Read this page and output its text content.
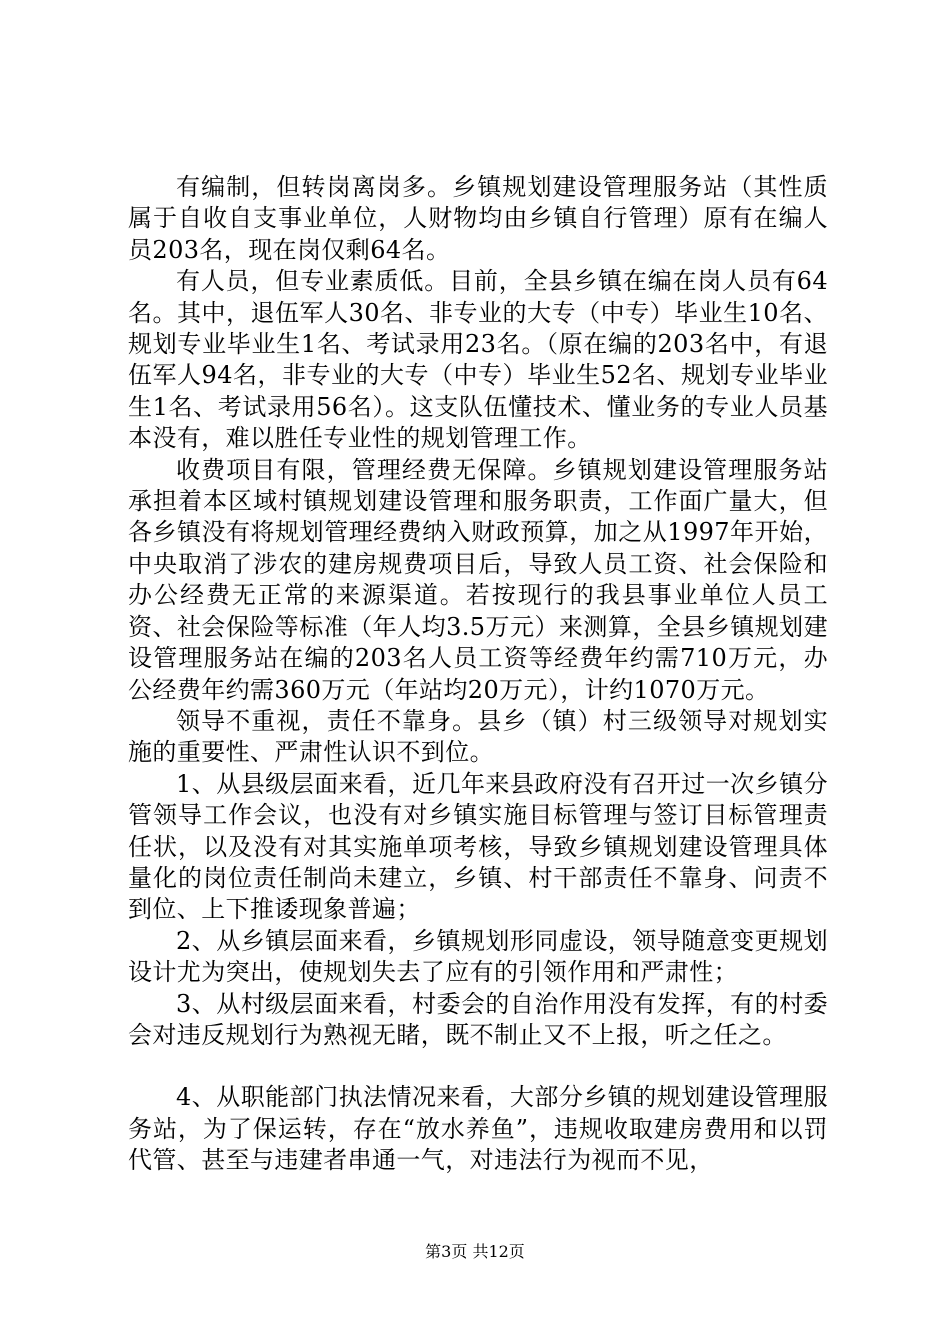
有编制，但转岗离岗多。乡镇规划建设管理服务站（其性质属于自收自支事业单位，人财物均由乡镇自行管理）原有在编人员203名，现在岗仅剩64名。

有人员，但专业素质低。目前，全县乡镇在编在岗人员有64名。其中，退伍军人30名、非专业的大专（中专）毕业生10名、规划专业毕业生1名、考试录用23名。（原在编的203名中，有退伍军人94名，非专业的大专（中专）毕业生52名、规划专业毕业生1名、考试录用56名）。这支队伍懂技术、懂业务的专业人员基本没有，难以胜任专业性的规划管理工作。

收费项目有限，管理经费无保障。乡镇规划建设管理服务站承担着本区域村镇规划建设管理和服务职责，工作面广量大，但各乡镇没有将规划管理经费纳入财政预算，加之从1997年开始，中央取消了涉农的建房规费项目后，导致人员工资、社会保险和办公经费无正常的来源渠道。若按现行的我县事业单位人员工资、社会保险等标准（年人均3.5万元）来测算，全县乡镇规划建设管理服务站在编的203名人员工资等经费年约需710万元，办公经费年约需360万元（年站均20万元），计约1070万元。

领导不重视，责任不靠身。县乡（镇）村三级领导对规划实施的重要性、严肃性认识不到位。

1、从县级层面来看，近几年来县政府没有召开过一次乡镇分管领导工作会议，也没有对乡镇实施目标管理与签订目标管理责任状，以及没有对其实施单项考核，导致乡镇规划建设管理具体量化的岗位责任制尚未建立，乡镇、村干部责任不靠身、问责不到位、上下推诿现象普遍；

2、从乡镇层面来看，乡镇规划形同虚设，领导随意变更规划设计尤为突出，使规划失去了应有的引领作用和严肃性；

3、从村级层面来看，村委会的自治作用没有发挥，有的村委会对违反规划行为熟视无睹，既不制止又不上报，听之任之。

4、从职能部门执法情况来看，大部分乡镇的规划建设管理服务站，为了保运转，存在“放水养鱼”，违规收取建房费用和以罚代管、甚至与违建者串通一气，对违法行为视而不见，

第3页 共12页
